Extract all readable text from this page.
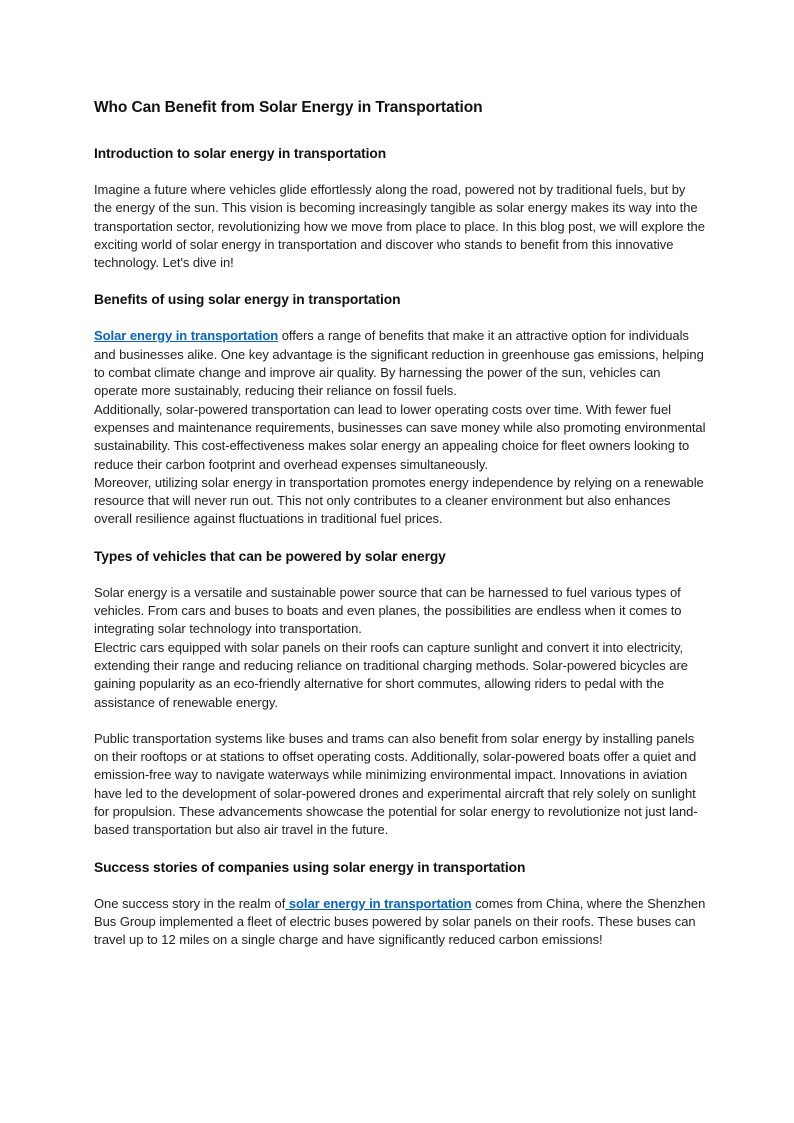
Who Can Benefit from Solar Energy in Transportation
Introduction to solar energy in transportation

Imagine a future where vehicles glide effortlessly along the road, powered not by traditional fuels, but by the energy of the sun. This vision is becoming increasingly tangible as solar energy makes its way into the transportation sector, revolutionizing how we move from place to place. In this blog post, we will explore the exciting world of solar energy in transportation and discover who stands to benefit from this innovative technology. Let's dive in!

Benefits of using solar energy in transportation

Solar energy in transportation offers a range of benefits that make it an attractive option for individuals and businesses alike. One key advantage is the significant reduction in greenhouse gas emissions, helping to combat climate change and improve air quality. By harnessing the power of the sun, vehicles can operate more sustainably, reducing their reliance on fossil fuels.

Additionally, solar-powered transportation can lead to lower operating costs over time. With fewer fuel expenses and maintenance requirements, businesses can save money while also promoting environmental sustainability. This cost-effectiveness makes solar energy an appealing choice for fleet owners looking to reduce their carbon footprint and overhead expenses simultaneously.

Moreover, utilizing solar energy in transportation promotes energy independence by relying on a renewable resource that will never run out. This not only contributes to a cleaner environment but also enhances overall resilience against fluctuations in traditional fuel prices.

Types of vehicles that can be powered by solar energy

Solar energy is a versatile and sustainable power source that can be harnessed to fuel various types of vehicles. From cars and buses to boats and even planes, the possibilities are endless when it comes to integrating solar technology into transportation.

Electric cars equipped with solar panels on their roofs can capture sunlight and convert it into electricity, extending their range and reducing reliance on traditional charging methods. Solar-powered bicycles are gaining popularity as an eco-friendly alternative for short commutes, allowing riders to pedal with the assistance of renewable energy.

Public transportation systems like buses and trams can also benefit from solar energy by installing panels on their rooftops or at stations to offset operating costs. Additionally, solar-powered boats offer a quiet and emission-free way to navigate waterways while minimizing environmental impact. Innovations in aviation have led to the development of solar-powered drones and experimental aircraft that rely solely on sunlight for propulsion. These advancements showcase the potential for solar energy to revolutionize not just land-based transportation but also air travel in the future.

Success stories of companies using solar energy in transportation

One success story in the realm of solar energy in transportation comes from China, where the Shenzhen Bus Group implemented a fleet of electric buses powered by solar panels on their roofs. These buses can travel up to 12 miles on a single charge and have significantly reduced carbon emissions!
